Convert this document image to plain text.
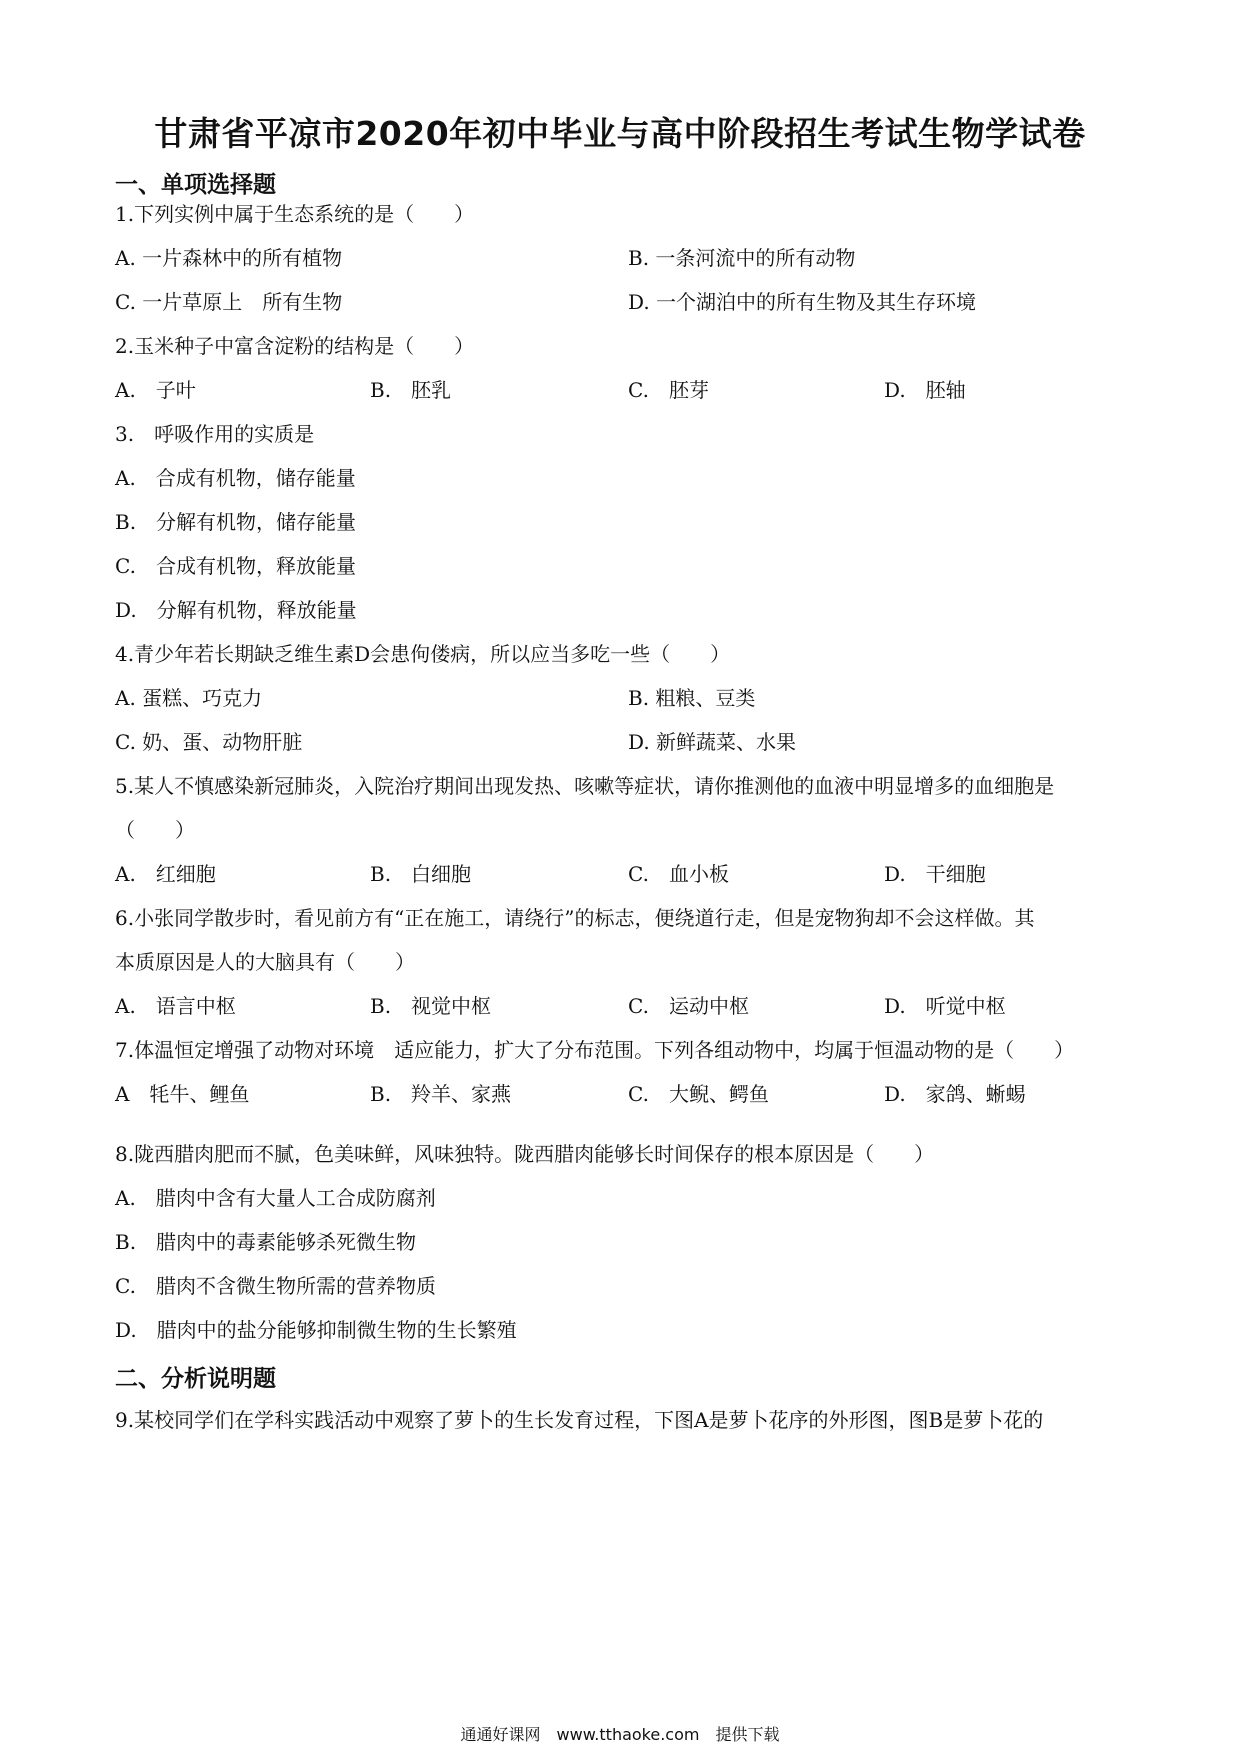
甘肃省平凉市2020年初中毕业与高中阶段招生考试生物学试卷
一、单项选择题
1.下列实例中属于生态系统的是（　　）
A. 一片森林中的所有植物	B. 一条河流中的所有动物
C. 一片草原上　所有生物	D. 一个湖泊中的所有生物及其生存环境
2.玉米种子中富含淀粉的结构是（　　）
A.　子叶	B.　胚乳	C.　胚芽	D.　胚轴
3.　呼吸作用的实质是
A.　合成有机物，储存能量
B.　分解有机物，储存能量
C.　合成有机物，释放能量
D.　分解有机物，释放能量
4.青少年若长期缺乏维生素D会患佝偻病，所以应当多吃一些（　　）
A. 蛋糕、巧克力	B. 粗粮、豆类
C. 奶、蛋、动物肝脏	D. 新鲜蔬菜、水果
5.某人不慎感染新冠肺炎，入院治疗期间出现发热、咳嗽等症状，请你推测他的血液中明显增多的血细胞是
（　　）
A.　红细胞	B.　白细胞	C.　血小板	D.　干细胞
6.小张同学散步时，看见前方有“正在施工，请绕行”的标志，便绕道行走，但是宠物狗却不会这样做。其
本质原因是人的大脑具有（　　）
A.　语言中枢	B.　视觉中枢	C.　运动中枢	D.　听觉中枢
7.体温恒定增强了动物对环境　适应能力，扩大了分布范围。下列各组动物中，均属于恒温动物的是（　　）
A　牦牛、鲤鱼	B.　羚羊、家燕	C.　大鲵、鳄鱼	D.　家鸽、蜥蜴
8.陇西腊肉肥而不腻，色美味鲜，风味独特。陇西腊肉能够长时间保存的根本原因是（　　）
A.　腊肉中含有大量人工合成防腐剂
B.　腊肉中的毒素能够杀死微生物
C.　腊肉不含微生物所需的营养物质
D.　腊肉中的盐分能够抑制微生物的生长繁殖
二、分析说明题
9.某校同学们在学科实践活动中观察了萝卜的生长发育过程，下图A是萝卜花序的外形图，图B是萝卜花的
通通好课网　www.tthaoke.com　提供下载
